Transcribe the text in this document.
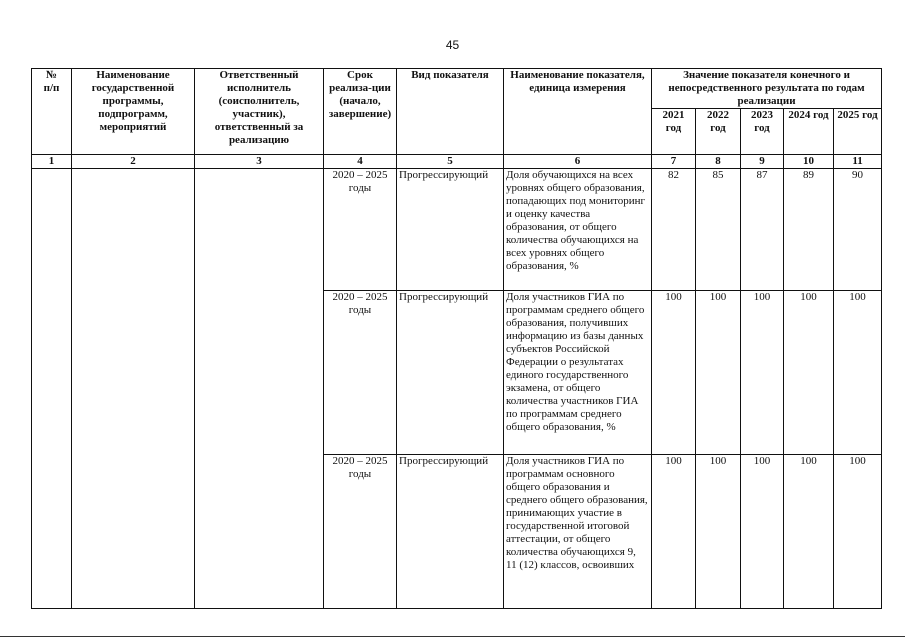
45
№
п/п	Наименование государственной программы, подпрограмм, мероприятий	Ответственный исполнитель (соисполнитель, участник), ответственный за реализацию	Срок реализа-ции (начало, завершение)	Вид показателя	Наименование показателя, единица измерения	Значение показателя конечного и непосредственного результата по годам реализации				
						2021 год	2022 год	2023 год	2024 год	2025 год
1	2	3	4	5	6	7	8	9	10	11
			2020 – 2025 годы	Прогрессирующий	Доля обучающихся на всех уровнях общего образования, попадающих под мониторинг и оценку качества образования, от общего количества обучающихся на всех уровнях общего образования, %	82	85	87	89	90
			2020 – 2025 годы	Прогрессирующий	Доля участников ГИА по программам среднего общего образования, получивших информацию из базы данных субъектов Российской Федерации о результатах единого государственного экзамена, от общего количества участников ГИА по программам среднего общего образования, %	100	100	100	100	100
			2020 – 2025 годы	Прогрессирующий	Доля участников ГИА по программам основного общего образования и среднего общего образования, принимающих участие в государственной итоговой аттестации, от общего количества обучающихся 9, 11 (12) классов, освоивших	100	100	100	100	100
